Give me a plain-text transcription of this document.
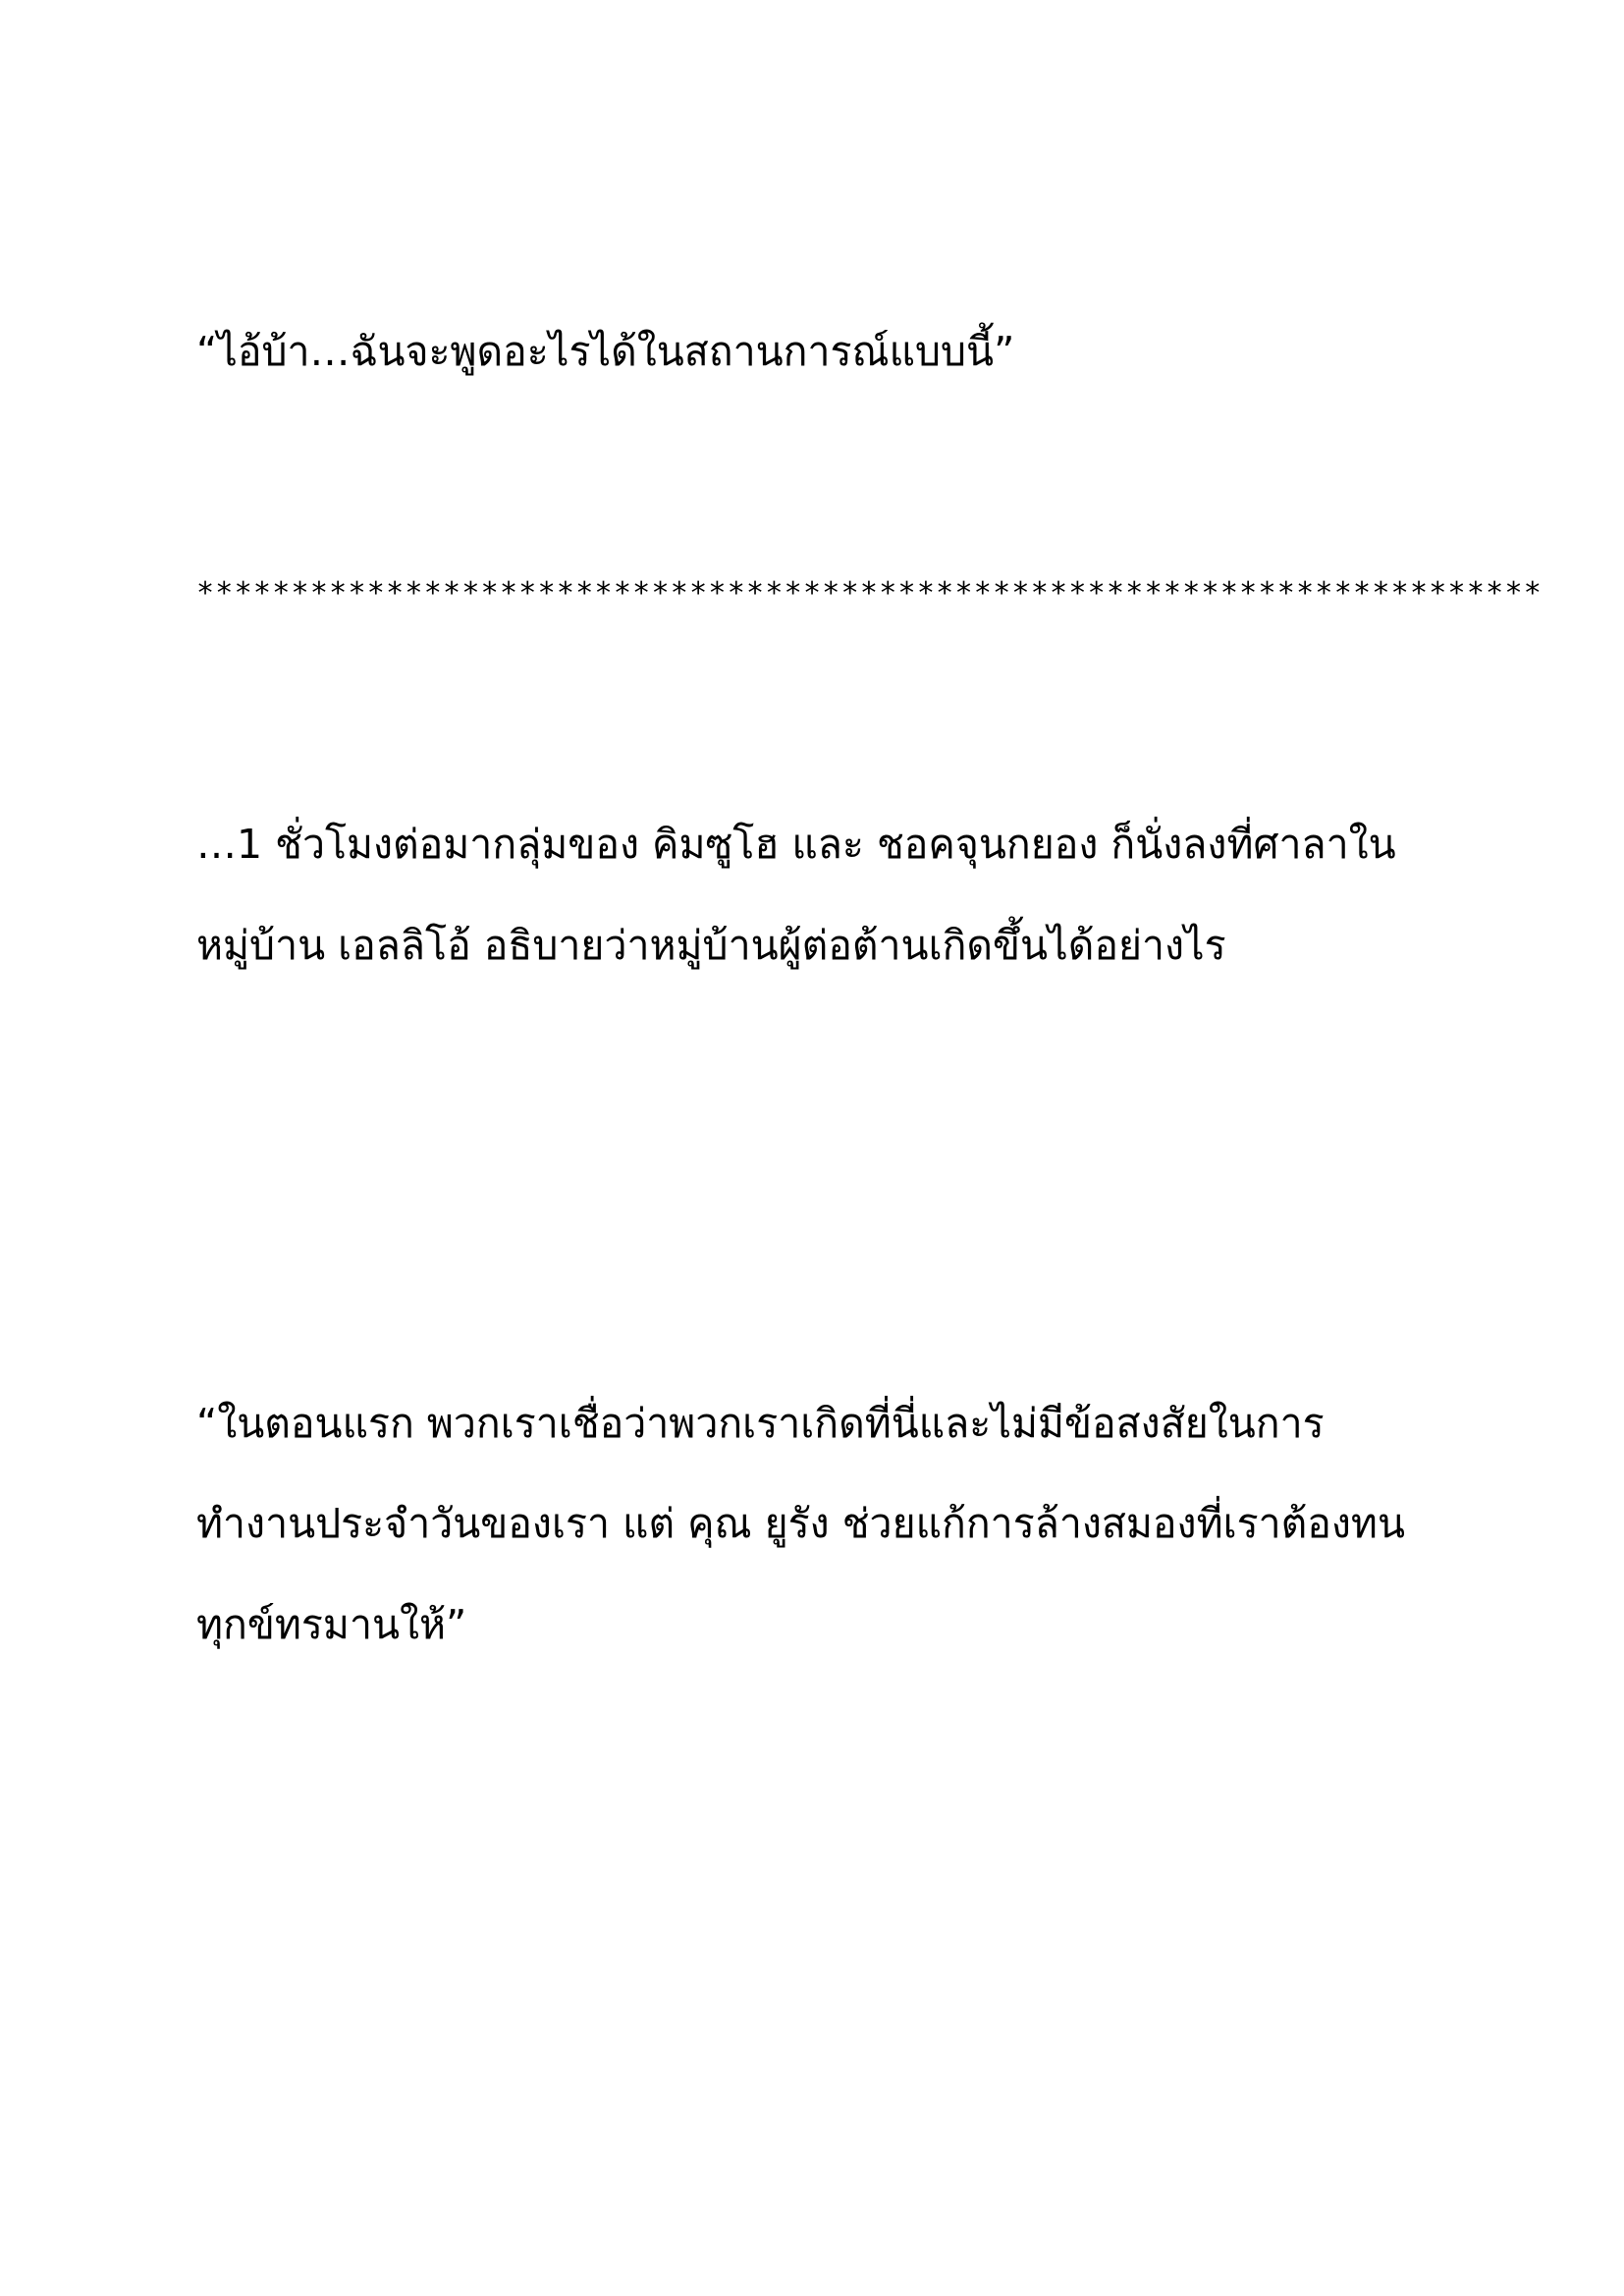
“ไอ้บ้า…ฉันจะพูดอะไรได้ในสถานการณ์แบบนี้”

***********************************************************************

…1 ชั่วโมงต่อมากลุ่มของ คิมซูโฮ และ ชอคจุนกยอง ก็นั่งลงที่ศาลาใน

หมู่บ้าน เอลลิโอ้ อธิบายว่าหมู่บ้านผู้ต่อต้านเกิดขึ้นได้อย่างไร

“ในตอนแรก พวกเราเชื่อว่าพวกเราเกิดที่นี่และไม่มีข้อสงสัยในการ

ทำงานประจำวันของเรา แต่ คุณ ยูรัง ช่วยแก้การล้างสมองที่เราต้องทน

ทุกข์ทรมานให้”
